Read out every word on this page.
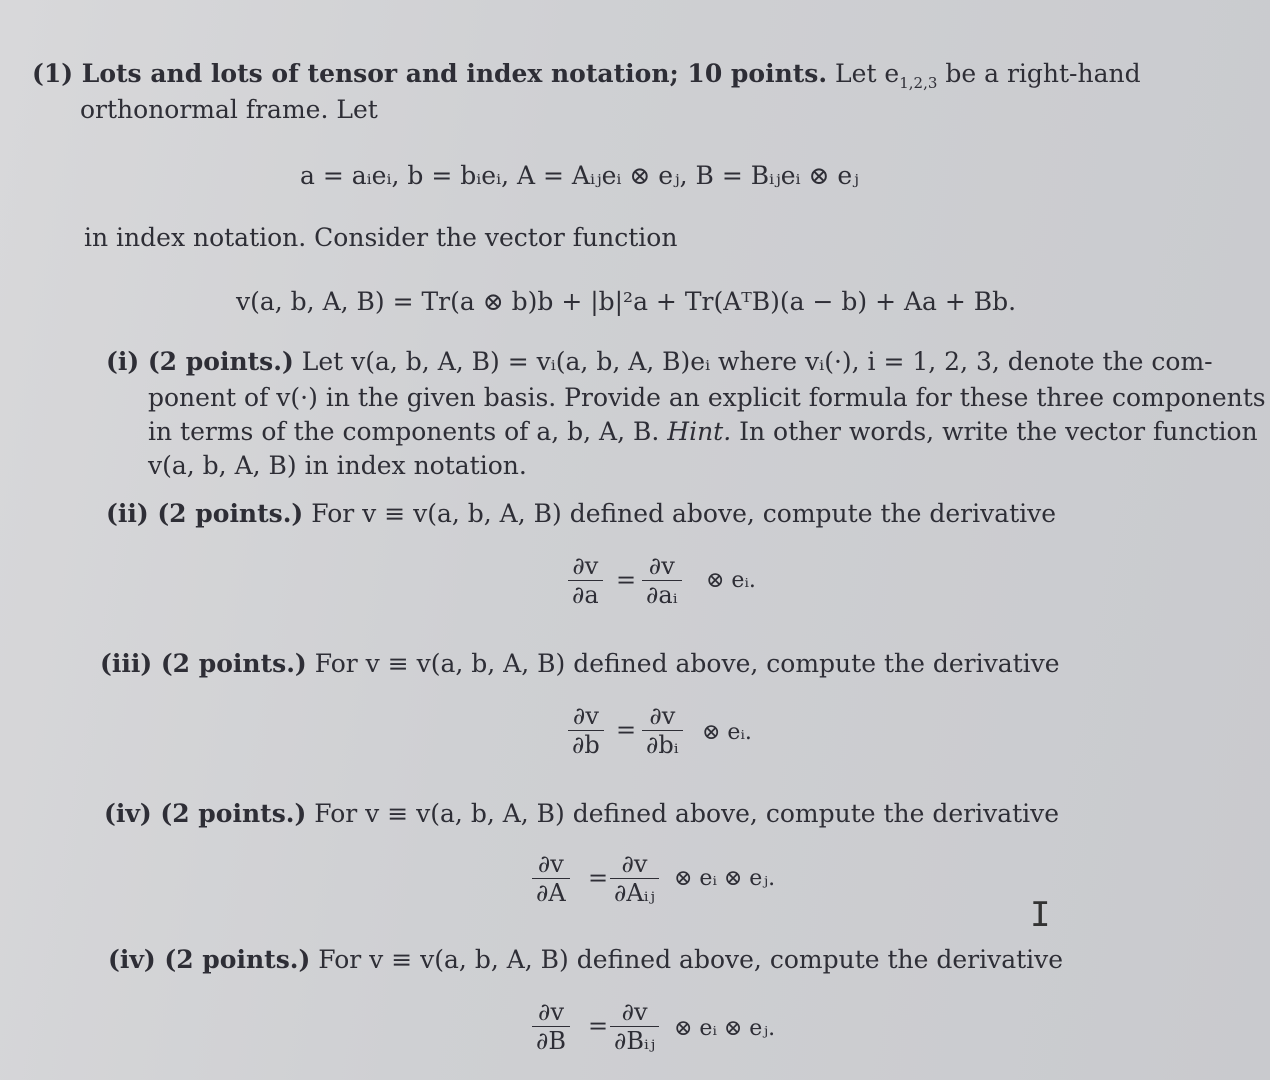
(1) Lots and lots of tensor and index notation; 10 points. Let $e_{1,2,3}$ be a right-hand
orthonormal frame. Let
a = aᵢeᵢ, b = bᵢeᵢ, A = Aᵢⱼeᵢ ⊗ eⱼ, B = Bᵢⱼeᵢ ⊗ eⱼ
in index notation. Consider the vector function
v(a, b, A, B) = Tr(a ⊗ b)b + |b|²a + Tr(AᵀB)(a − b) + Aa + Bb.
(i) (2 points.) Let v(a, b, A, B) = vᵢ(a, b, A, B)eᵢ where vᵢ(·), i = 1, 2, 3, denote the com-
ponent of v(·) in the given basis. Provide an explicit formula for these three components
in terms of the components of a, b, A, B. Hint. In other words, write the vector function
v(a, b, A, B) in index notation.
(ii) (2 points.) For v ≡ v(a, b, A, B) defined above, compute the derivative
$\frac{\partial v}{\partial a} = \frac{\partial v}{\text{∂aᵢ}}$ ⊗ eᵢ.
(iii) (2 points.) For v ≡ v(a, b, A, B) defined above, compute the derivative
$\frac{\partial v}{\partial b} = \frac{\partial v}{\text{∂bᵢ}}$ ⊗ eᵢ.
(iv) (2 points.) For v ≡ v(a, b, A, B) defined above, compute the derivative
$\frac{\partial v}{\partial A} = \partial v$
∂Aᵢⱼ
⊗ eᵢ ⊗ eⱼ.
(iv) (2 points.) For v ≡ v(a, b, A, B) defined above, compute the derivative
$\frac{\partial v}{\partial B} = \partial v$
∂Bᵢⱼ ⊗ eᵢ ⊗ eⱼ.
I
